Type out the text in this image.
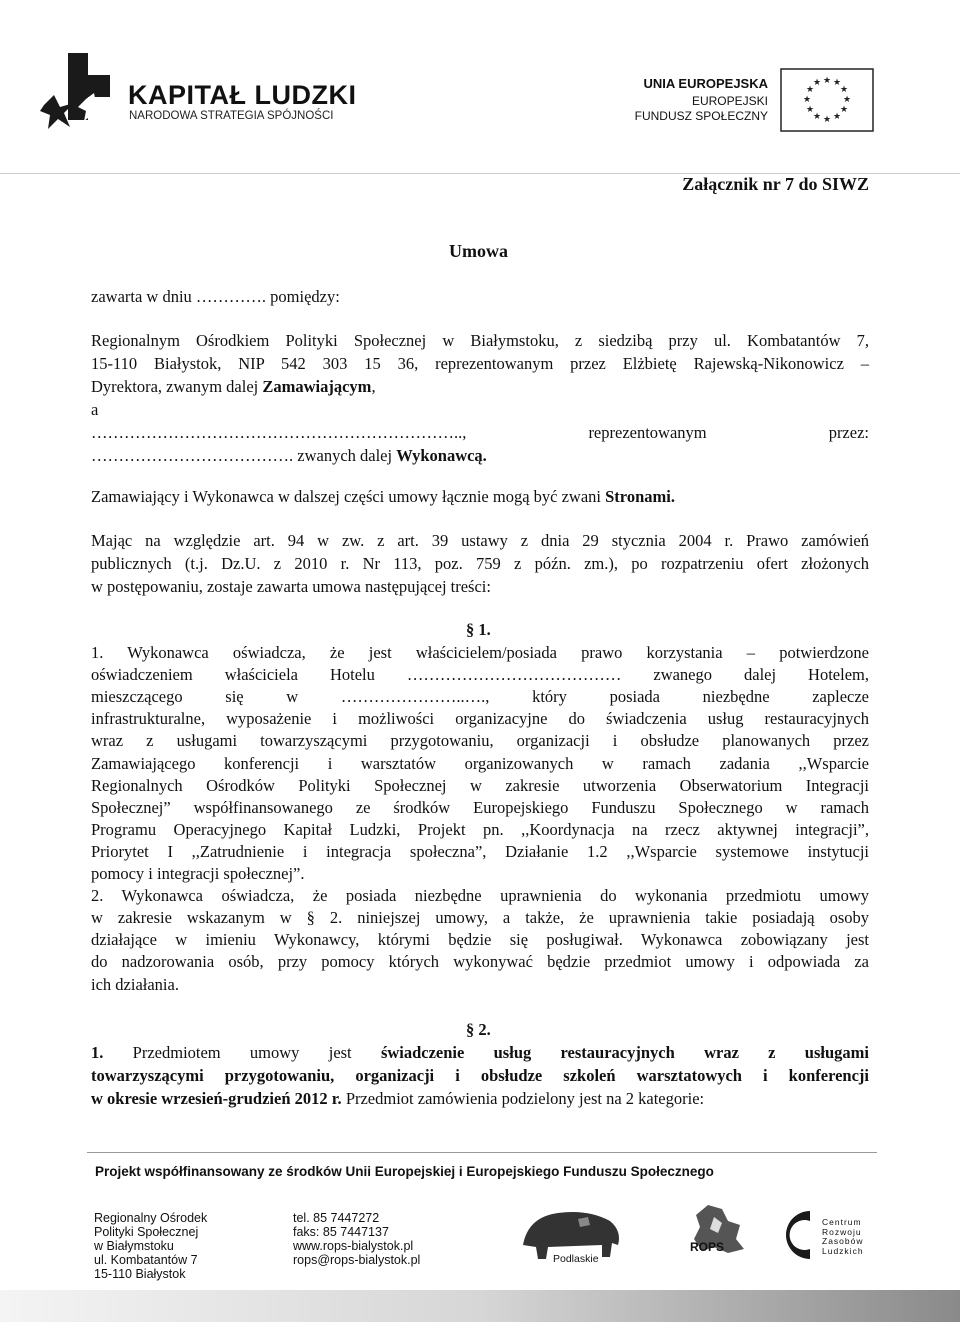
KAPITAŁ LUDZKI
NARODOWA STRATEGIA SPÓJNOŚCI
UNIA EUROPEJSKA
EUROPEJSKI
FUNDUSZ SPOŁECZNY
★ ★
★
★
★
★
★
★
★
★
★
★
Załącznik nr 7 do SIWZ
Umowa
zawarta w dniu …………. pomiędzy:
Regionalnym Ośrodkiem Polityki Społecznej w Białymstoku, z siedzibą przy ul. Kombatantów 7,
15-110 Białystok, NIP 542 303 15 36, reprezentowanym przez Elżbietę Rajewską-Nikonowicz –
Dyrektora, zwanym dalej Zamawiającym,
a
………………………………………………………….., reprezentowanym przez:
………………………………. zwanych dalej Wykonawcą.
Zamawiający i Wykonawca w dalszej części umowy łącznie mogą być zwani Stronami.
Mając na względzie art. 94 w zw. z art. 39 ustawy z dnia 29 stycznia 2004 r. Prawo zamówień
publicznych (t.j. Dz.U. z 2010 r. Nr 113, poz. 759 z późn. zm.), po rozpatrzeniu ofert złożonych
w postępowaniu, zostaje zawarta umowa następującej treści:
§ 1.
1. Wykonawca oświadcza, że jest właścicielem/posiada prawo korzystania – potwierdzone
oświadczeniem właściciela Hotelu ………………………………… zwanego dalej Hotelem,
mieszczącego się w …………………..…., który posiada niezbędne zaplecze
infrastrukturalne, wyposażenie i możliwości organizacyjne do świadczenia usług restauracyjnych
wraz z usługami towarzyszącymi przygotowaniu, organizacji i obsłudze planowanych przez
Zamawiającego konferencji i warsztatów organizowanych w ramach zadania ,,Wsparcie
Regionalnych Ośrodków Polityki Społecznej w zakresie utworzenia Obserwatorium Integracji
Społecznej” współfinansowanego ze środków Europejskiego Funduszu Społecznego w ramach
Programu Operacyjnego Kapitał Ludzki, Projekt pn. ,,Koordynacja na rzecz aktywnej integracji”,
Priorytet I ,,Zatrudnienie i integracja społeczna”, Działanie 1.2 ,,Wsparcie systemowe instytucji
pomocy i integracji społecznej”.
2. Wykonawca oświadcza, że posiada niezbędne uprawnienia do wykonania przedmiotu umowy
w zakresie wskazanym w § 2. niniejszej umowy, a także, że uprawnienia takie posiadają osoby
działające w imieniu Wykonawcy, którymi będzie się posługiwał. Wykonawca zobowiązany jest
do nadzorowania osób, przy pomocy których wykonywać będzie przedmiot umowy i odpowiada za
ich działania.
§ 2.
1. Przedmiotem umowy jest świadczenie usług restauracyjnych wraz z usługami
towarzyszącymi przygotowaniu, organizacji i obsłudze szkoleń warsztatowych i konferencji
w okresie wrzesień-grudzień 2012 r. Przedmiot zamówienia podzielony jest na 2 kategorie:
Projekt współfinansowany ze środków Unii Europejskiej i Europejskiego Funduszu Społecznego
Regionalny Ośrodek
Polityki Społecznej
w Białymstoku
ul. Kombatantów 7
15-110 Białystok
tel. 85 7447272
faks: 85 7447137
www.rops-bialystok.pl
rops@rops-bialystok.pl	Podlaskie
ROPS
Centrum
Rozwoju
Zasobów
Ludzkich
